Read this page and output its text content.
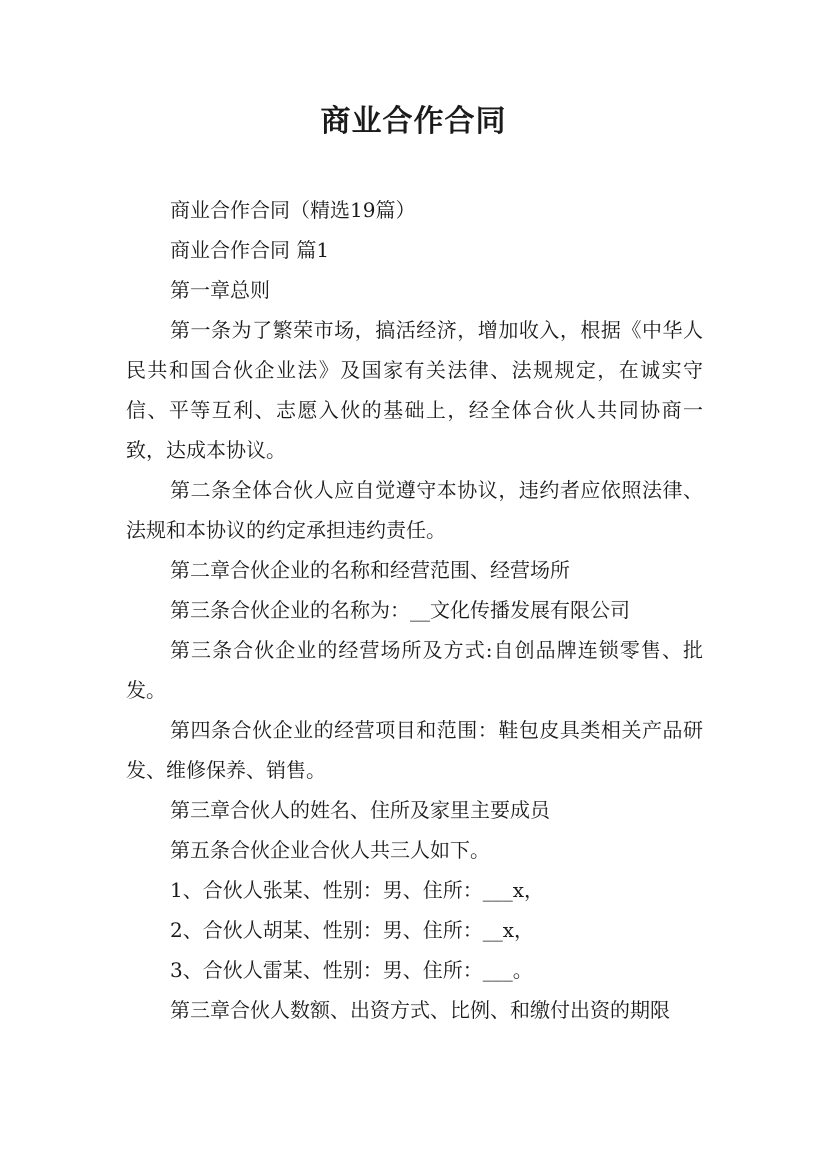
商业合作合同

商业合作合同（精选19篇）

商业合作合同 篇1

第一章总则

第一条为了繁荣市场，搞活经济，增加收入，根据《中华人民共和国合伙企业法》及国家有关法律、法规规定，在诚实守信、平等互利、志愿入伙的基础上，经全体合伙人共同协商一致，达成本协议。

第二条全体合伙人应自觉遵守本协议，违约者应依照法律、法规和本协议的约定承担违约责任。

第二章合伙企业的名称和经营范围、经营场所

第三条合伙企业的名称为：__文化传播发展有限公司

第三条合伙企业的经营场所及方式:自创品牌连锁零售、批发。

第四条合伙企业的经营项目和范围：鞋包皮具类相关产品研发、维修保养、销售。

第三章合伙人的姓名、住所及家里主要成员

第五条合伙企业合伙人共三人如下。

1、合伙人张某、性别：男、住所：___x，

2、合伙人胡某、性别：男、住所：__x，

3、合伙人雷某、性别：男、住所：___。

第三章合伙人数额、出资方式、比例、和缴付出资的期限
